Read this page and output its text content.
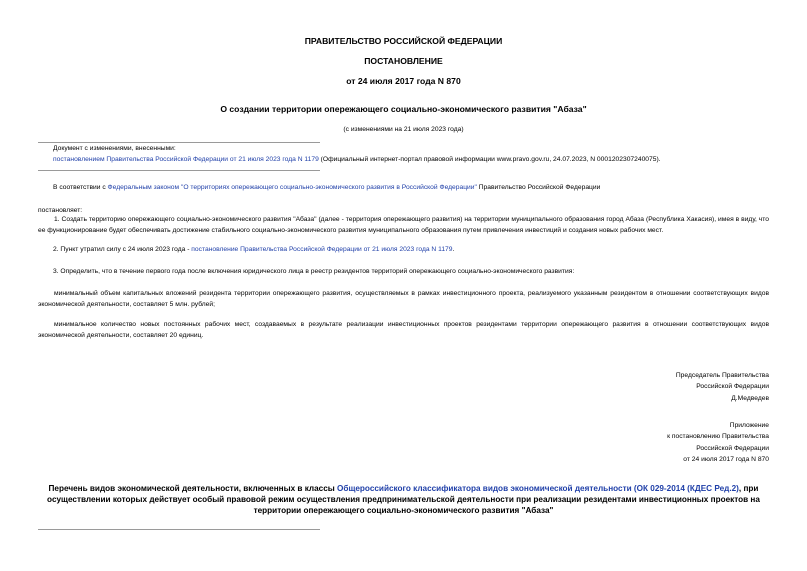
ПРАВИТЕЛЬСТВО РОССИЙСКОЙ ФЕДЕРАЦИИ
ПОСТАНОВЛЕНИЕ
от 24 июля 2017 года N 870
О создании территории опережающего социально-экономического развития "Абаза"
(с изменениями на 21 июля 2023 года)
Документ с изменениями, внесенными:
постановлением Правительства Российской Федерации от 21 июля 2023 года N 1179 (Официальный интернет-портал правовой информации www.pravo.gov.ru, 24.07.2023, N 0001202307240075).
В соответствии с Федеральным законом "О территориях опережающего социально-экономического развития в Российской Федерации" Правительство Российской Федерации
постановляет:
1. Создать территорию опережающего социально-экономического развития "Абаза" (далее - территория опережающего развития) на территории муниципального образования город Абаза (Республика Хакасия), имея в виду, что ее функционирование будет обеспечивать достижение стабильного социально-экономического развития муниципального образования путем привлечения инвестиций и создания новых рабочих мест.
2. Пункт утратил силу с 24 июля 2023 года - постановление Правительства Российской Федерации от 21 июля 2023 года N 1179.
3. Определить, что в течение первого года после включения юридического лица в реестр резидентов территорий опережающего социально-экономического развития:
минимальный объем капитальных вложений резидента территории опережающего развития, осуществляемых в рамках инвестиционного проекта, реализуемого указанным резидентом в отношении соответствующих видов экономической деятельности, составляет 5 млн. рублей;
минимальное количество новых постоянных рабочих мест, создаваемых в результате реализации инвестиционных проектов резидентами территории опережающего развития в отношении соответствующих видов экономической деятельности, составляет 20 единиц.
Председатель Правительства
Российской Федерации
Д.Медведев
Приложение
к постановлению Правительства
Российской Федерации
от 24 июля 2017 года N 870
Перечень видов экономической деятельности, включенных в классы Общероссийского классификатора видов экономической деятельности (ОК 029-2014 (КДЕС Ред.2), при осуществлении которых действует особый правовой режим осуществления предпринимательской деятельности при реализации резидентами инвестиционных проектов на территории опережающего социально-экономического развития "Абаза"
